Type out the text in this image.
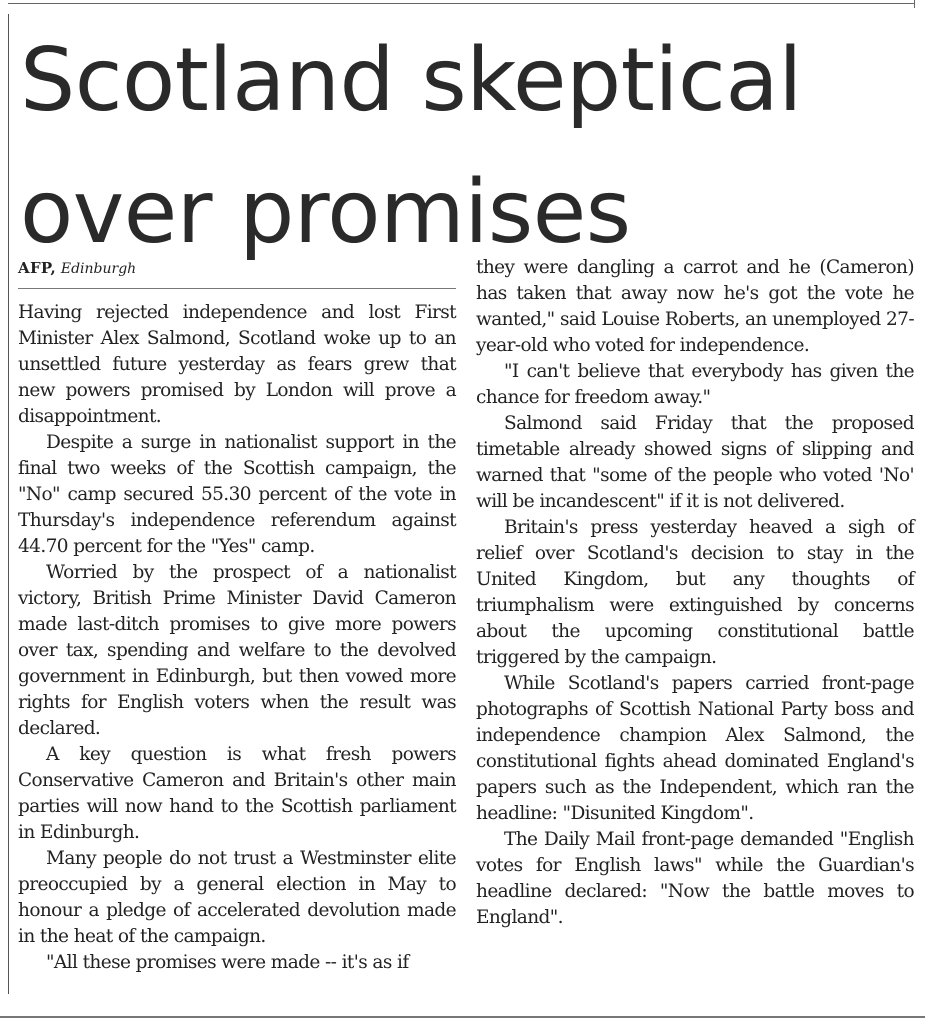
Scotland skeptical
over promises
AFP, Edinburgh

Having rejected independence and lost First Minister Alex Salmond, Scotland woke up to an unsettled future yesterday as fears grew that new powers promised by London will prove a disappointment.

Despite a surge in nationalist support in the final two weeks of the Scottish campaign, the "No" camp secured 55.30 percent of the vote in Thursday's independence referendum against 44.70 percent for the "Yes" camp.

Worried by the prospect of a nationalist victory, British Prime Minister David Cameron made last-ditch promises to give more powers over tax, spending and welfare to the devolved government in Edinburgh, but then vowed more rights for English voters when the result was declared.

A key question is what fresh powers Conservative Cameron and Britain's other main parties will now hand to the Scottish parliament in Edinburgh.

Many people do not trust a Westminster elite preoccupied by a general election in May to honour a pledge of accelerated devolution made in the heat of the campaign.

"All these promises were made -- it's as if

they were dangling a carrot and he (Cameron) has taken that away now he's got the vote he wanted," said Louise Roberts, an unemployed 27-year-old who voted for independence.

"I can't believe that everybody has given the chance for freedom away."

Salmond said Friday that the proposed timetable already showed signs of slipping and warned that "some of the people who voted 'No' will be incandescent" if it is not delivered.

Britain's press yesterday heaved a sigh of relief over Scotland's decision to stay in the United Kingdom, but any thoughts of triumphalism were extinguished by concerns about the upcoming constitutional battle triggered by the campaign.

While Scotland's papers carried front-page photographs of Scottish National Party boss and independence champion Alex Salmond, the constitutional fights ahead dominated England's papers such as the Independent, which ran the headline: "Disunited Kingdom".

The Daily Mail front-page demanded "English votes for English laws" while the Guardian's headline declared: "Now the battle moves to England".
